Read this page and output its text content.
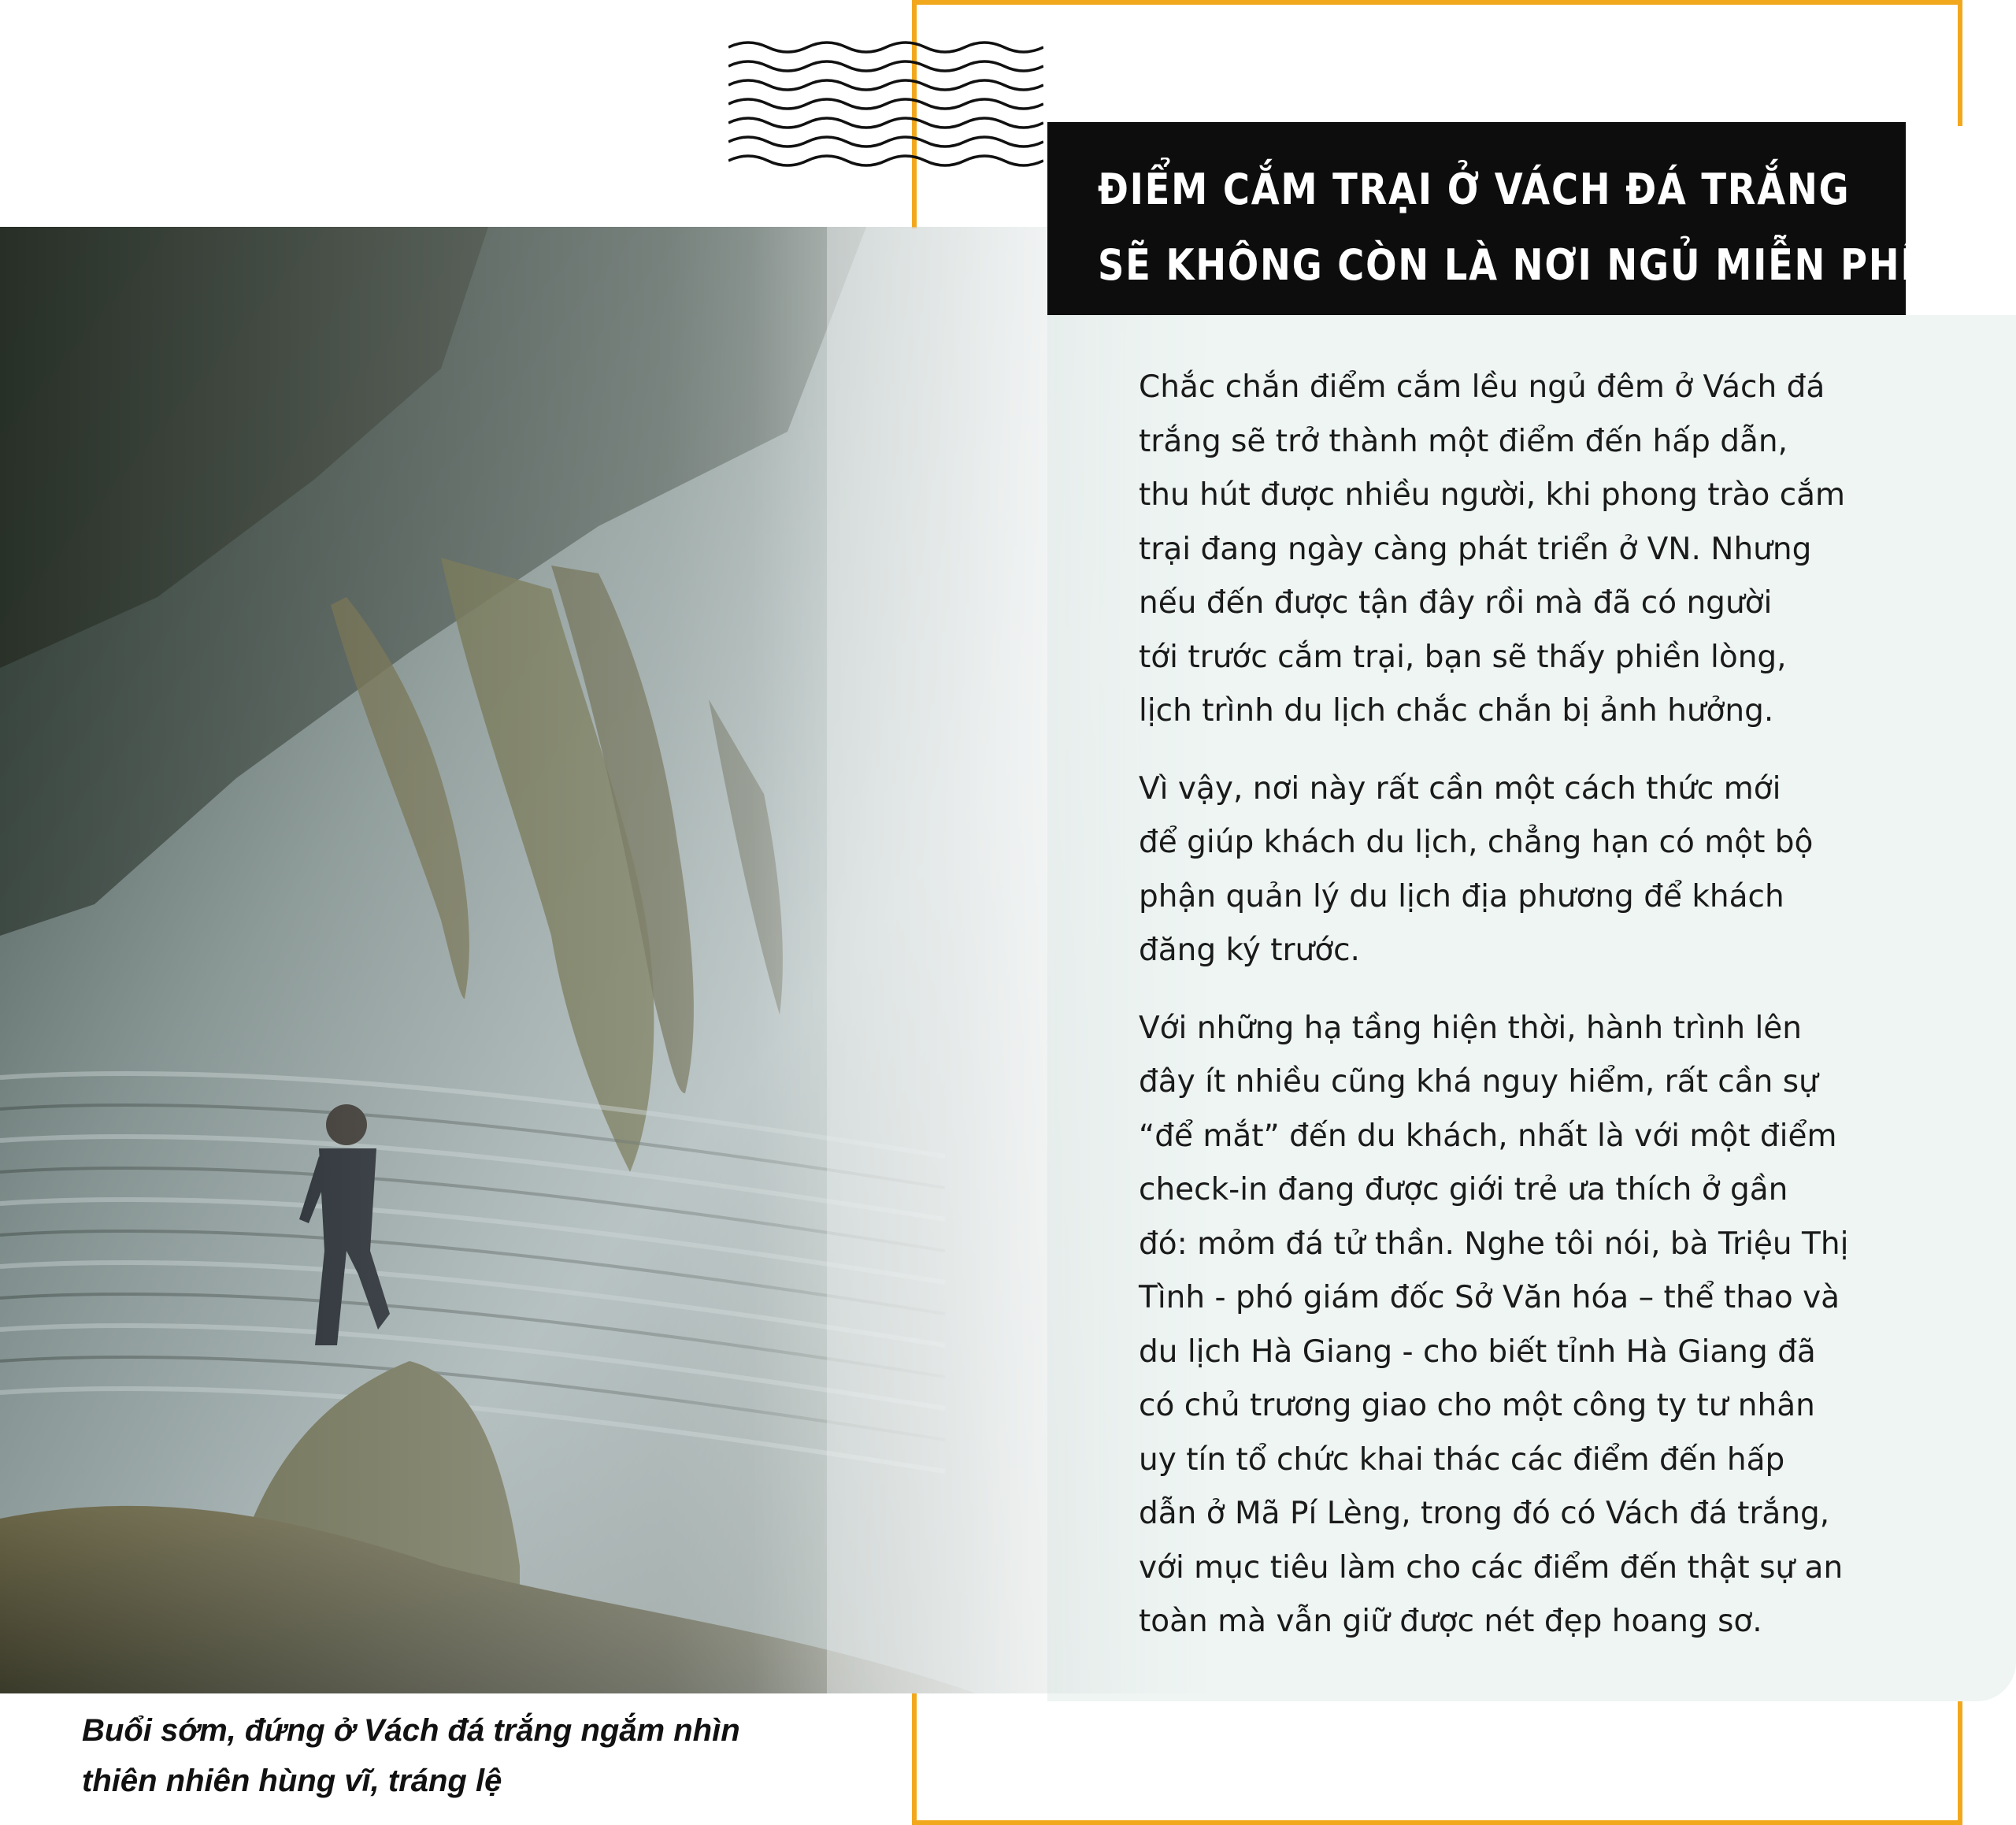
ĐIỂM CẮM TRẠI Ở VÁCH ĐÁ TRẮNG
SẼ KHÔNG CÒN LÀ NƠI NGỦ MIỄN PHÍ

Chắc chắn điểm cắm lều ngủ đêm ở Vách đá
trắng sẽ trở thành một điểm đến hấp dẫn,
thu hút được nhiều người, khi phong trào cắm
trại đang ngày càng phát triển ở VN. Nhưng
nếu đến được tận đây rồi mà đã có người
tới trước cắm trại, bạn sẽ thấy phiền lòng,
lịch trình du lịch chắc chắn bị ảnh hưởng.

Vì vậy, nơi này rất cần một cách thức mới
để giúp khách du lịch, chẳng hạn có một bộ
phận quản lý du lịch địa phương để khách
đăng ký trước.

Với những hạ tầng hiện thời, hành trình lên
đây ít nhiều cũng khá nguy hiểm, rất cần sự
“để mắt” đến du khách, nhất là với một điểm
check-in đang được giới trẻ ưa thích ở gần
đó: mỏm đá tử thần. Nghe tôi nói, bà Triệu Thị
Tình - phó giám đốc Sở Văn hóa – thể thao và
du lịch Hà Giang - cho biết tỉnh Hà Giang đã
có chủ trương giao cho một công ty tư nhân
uy tín tổ chức khai thác các điểm đến hấp
dẫn ở Mã Pí Lèng, trong đó có Vách đá trắng,
với mục tiêu làm cho các điểm đến thật sự an
toàn mà vẫn giữ được nét đẹp hoang sơ.

Buổi sớm, đứng ở Vách đá trắng ngắm nhìn
thiên nhiên hùng vĩ, tráng lệ
